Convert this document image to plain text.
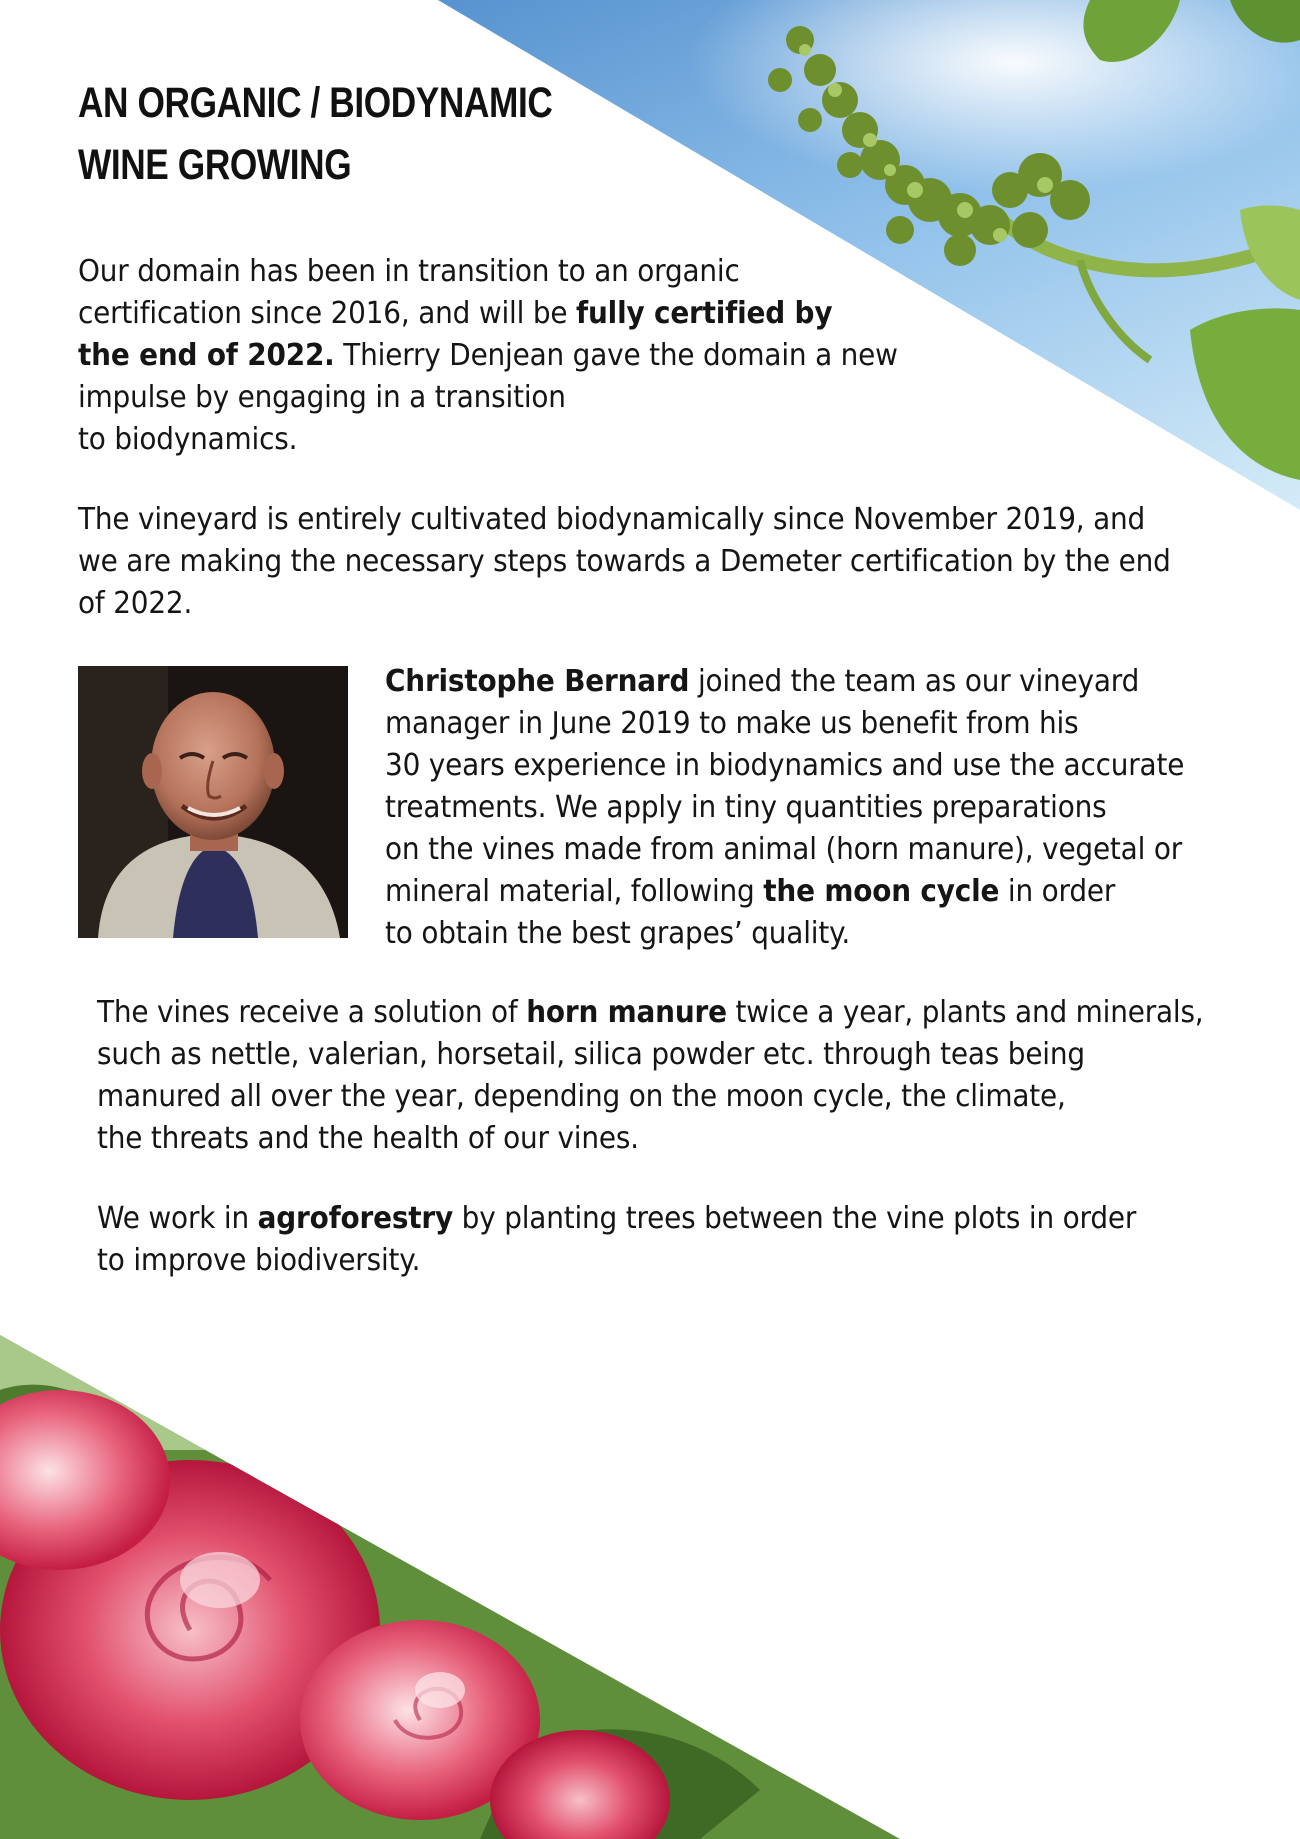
AN ORGANIC / BIODYNAMIC
WINE GROWING

Our domain has been in transition to an organic
certification since 2016, and will be fully certified by
the end of 2022. Thierry Denjean gave the domain a new
impulse by engaging in a transition
to biodynamics.

The vineyard is entirely cultivated biodynamically since November 2019, and
we are making the necessary steps towards a Demeter certification by the end
of 2022.

Christophe Bernard joined the team as our vineyard
manager in June 2019 to make us benefit from his
30 years experience in biodynamics and use the accurate
treatments. We apply in tiny quantities preparations
on the vines made from animal (horn manure), vegetal or
mineral material, following the moon cycle in order
to obtain the best grapes’ quality.

The vines receive a solution of horn manure twice a year, plants and minerals,
such as nettle, valerian, horsetail, silica powder etc. through teas being
manured all over the year, depending on the moon cycle, the climate,
the threats and the health of our vines.

We work in agroforestry by planting trees between the vine plots in order
to improve biodiversity.
